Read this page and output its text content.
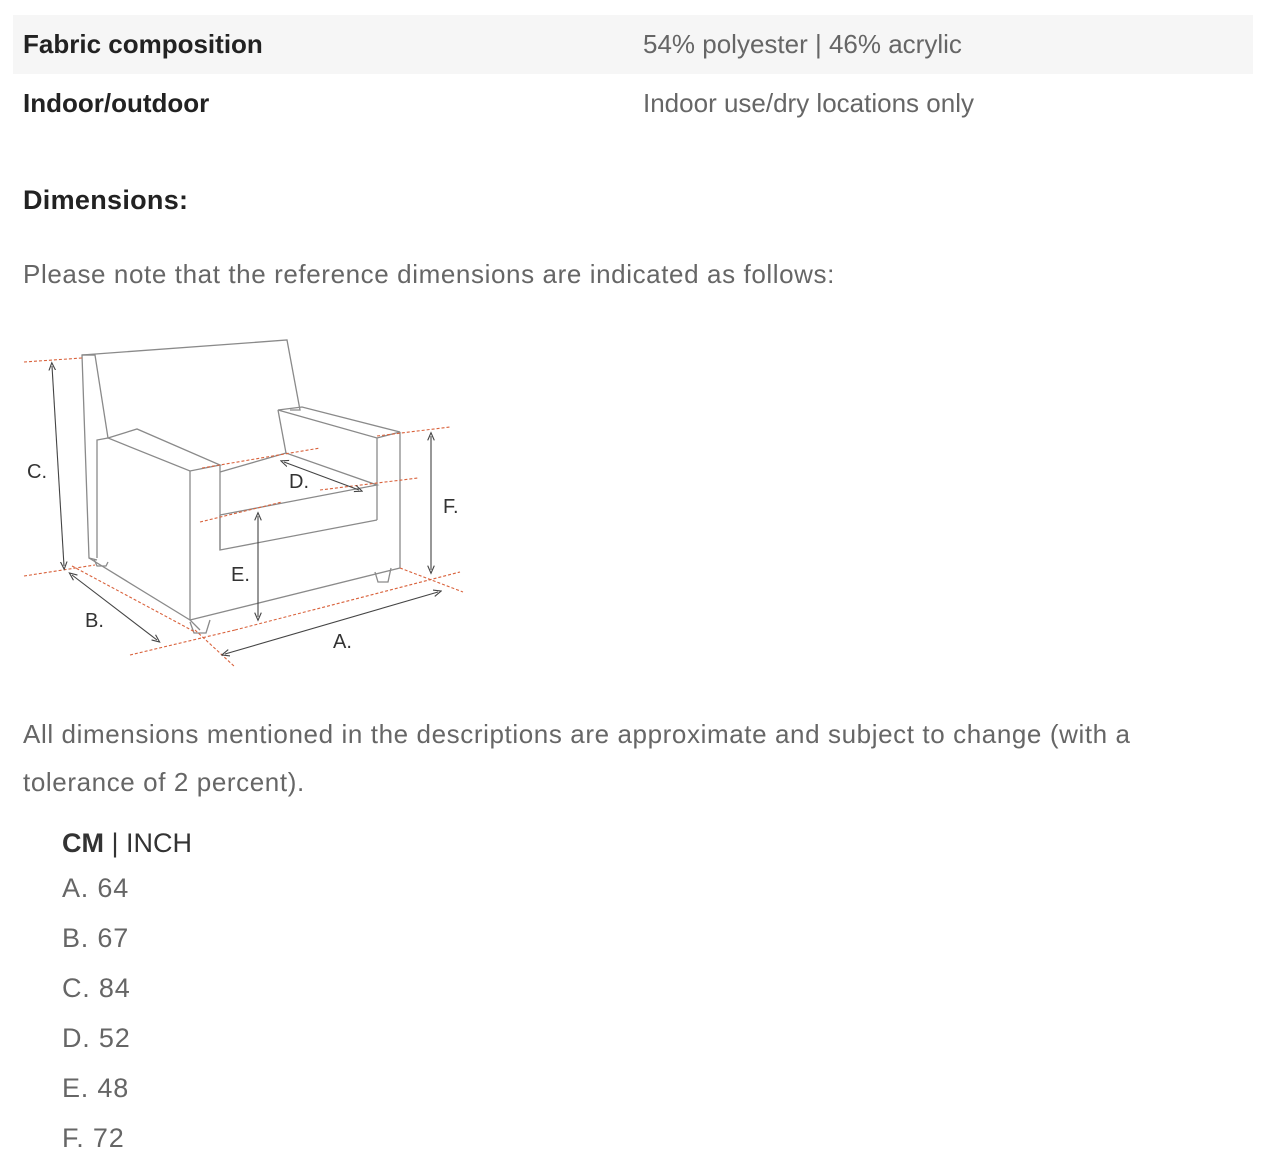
Fabric composition	54% polyester | 46% acrylic
Indoor/outdoor	Indoor use/dry locations only
Dimensions:
Please note that the reference dimensions are indicated as follows:
A.
B.
C.	D.
E.
F.
All dimensions mentioned in the descriptions are approximate and subject to change (with a tolerance of 2 percent).
CM | INCH
A. 64
B. 67
C. 84
D. 52
E. 48
F. 72
